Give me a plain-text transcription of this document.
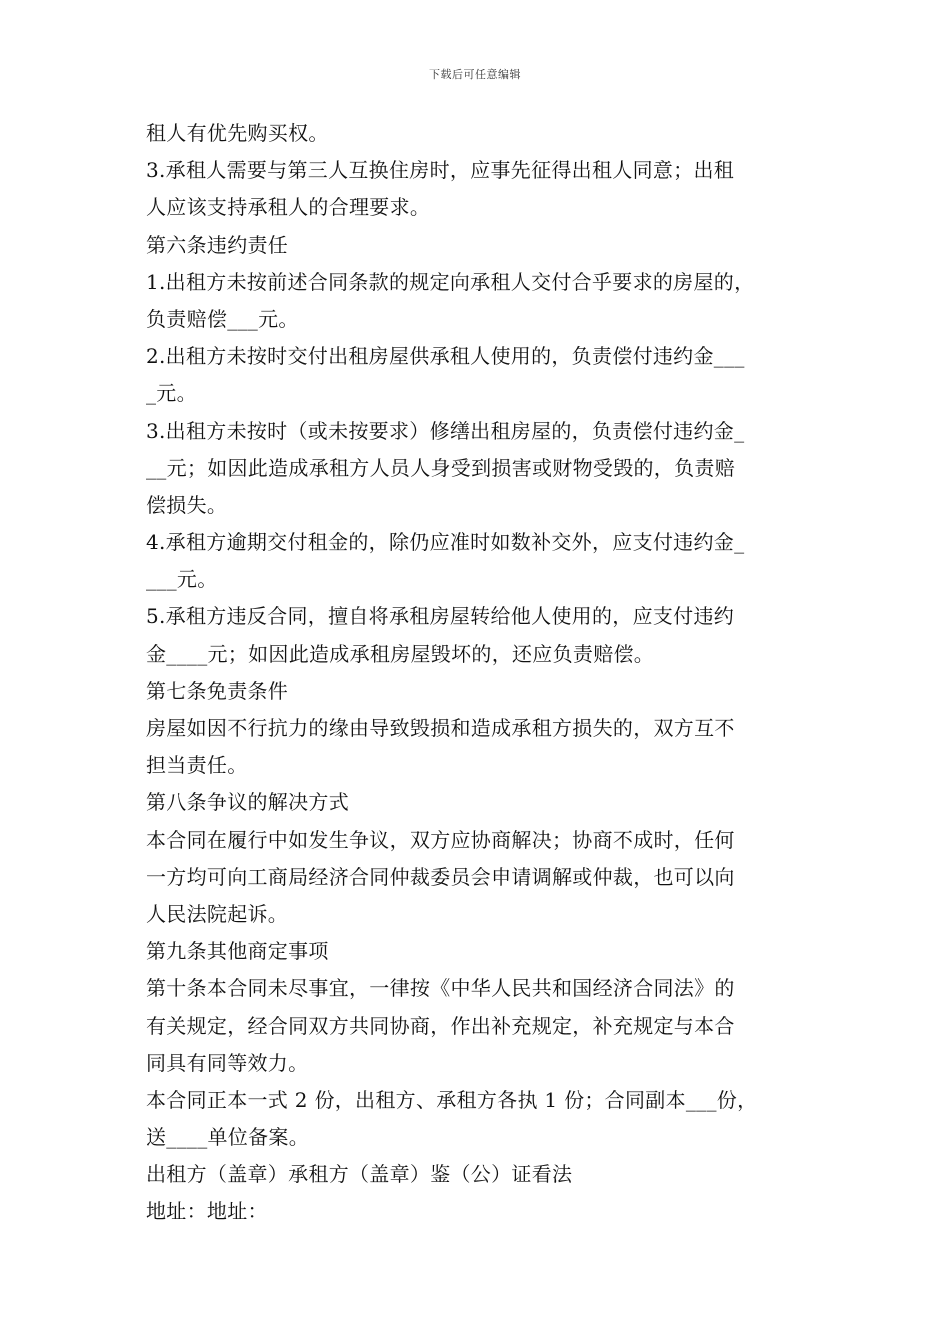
下载后可任意编辑
租人有优先购买权。
3.承租人需要与第三人互换住房时，应事先征得出租人同意；出租
人应该支持承租人的合理要求。
第六条违约责任
1.出租方未按前述合同条款的规定向承租人交付合乎要求的房屋的，
负责赔偿___元。
2.出租方未按时交付出租房屋供承租人使用的，负责偿付违约金___
_元。
3.出租方未按时（或未按要求）修缮出租房屋的，负责偿付违约金_
__元；如因此造成承租方人员人身受到损害或财物受毁的，负责赔
偿损失。
4.承租方逾期交付租金的，除仍应准时如数补交外，应支付违约金_
___元。
5.承租方违反合同，擅自将承租房屋转给他人使用的，应支付违约
金____元；如因此造成承租房屋毁坏的，还应负责赔偿。
第七条免责条件
房屋如因不行抗力的缘由导致毁损和造成承租方损失的，双方互不
担当责任。
第八条争议的解决方式
本合同在履行中如发生争议，双方应协商解决；协商不成时，任何
一方均可向工商局经济合同仲裁委员会申请调解或仲裁，也可以向
人民法院起诉。
第九条其他商定事项
第十条本合同未尽事宜，一律按《中华人民共和国经济合同法》的
有关规定，经合同双方共同协商，作出补充规定，补充规定与本合
同具有同等效力。
本合同正本一式 2 份，出租方、承租方各执 1 份；合同副本___份，
送____单位备案。
出租方（盖章）承租方（盖章）鉴（公）证看法
地址：地址：
